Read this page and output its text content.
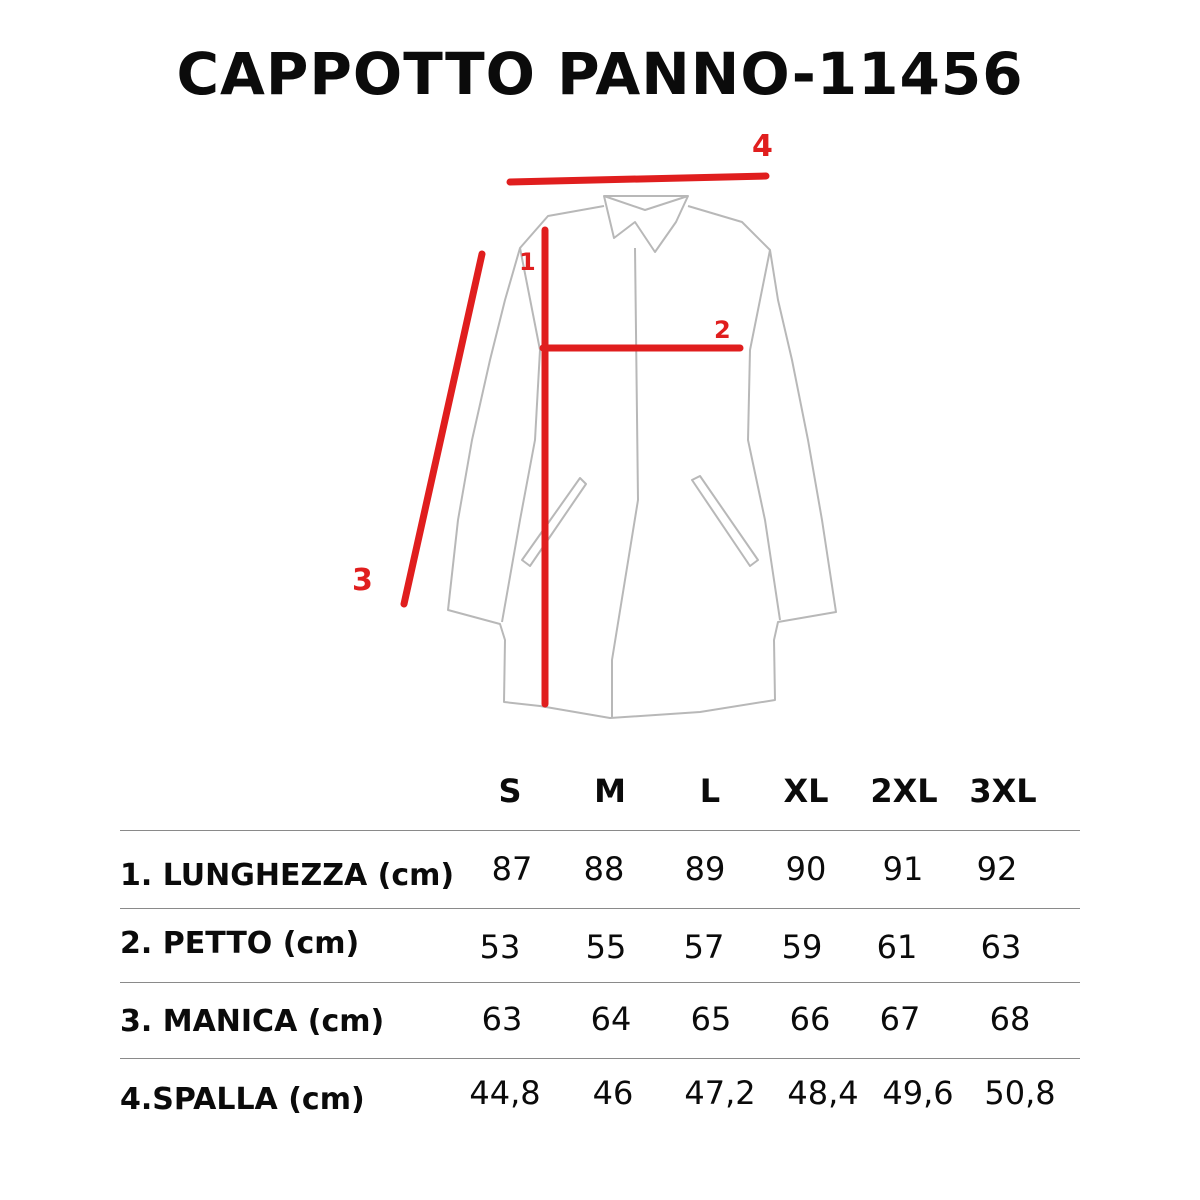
CAPPOTTO PANNO-11456
4
1
2
3
S M L XL 2XL 3XL
1. LUNGHEZZA (cm) 87 88 89 90 91 92
2. PETTO (cm)	53 55 57 59 61 63
3. MANICA (cm)	63 64 65 66 67 68
4.SPALLA (cm)	44,8 46 47,2 48,4 49,6 50,8
